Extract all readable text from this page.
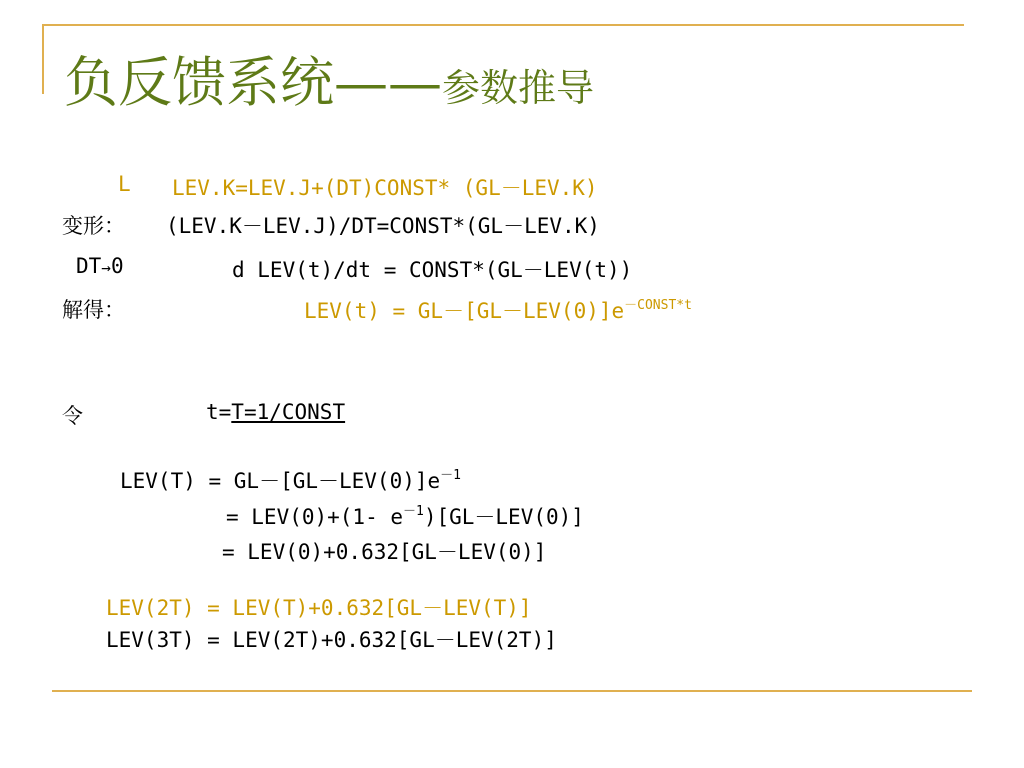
负反馈系统——参数推导
L LEV.K=LEV.J+(DT)CONST* (GL－LEV.K)
变形： (LEV.K－LEV.J)/DT=CONST*(GL－LEV.K)
DT→0	d LEV(t)/dt = CONST*(GL－LEV(t))
解得：	$LEV(t) = GL-[GL-LEV(0)]e^{-CONST*t}$
令	t=T=1/CONST
$LEV(T) = GL-[GL-LEV(0)]e^{-1}$
= LEV(0)+(1- $e^{-1})[GL-LEV(0)]$
= LEV(0)+0.632[GL－LEV(0)]
LEV(2T) = LEV(T)+0.632[GL－LEV(T)]
LEV(3T) = LEV(2T)+0.632[GL－LEV(2T)]
